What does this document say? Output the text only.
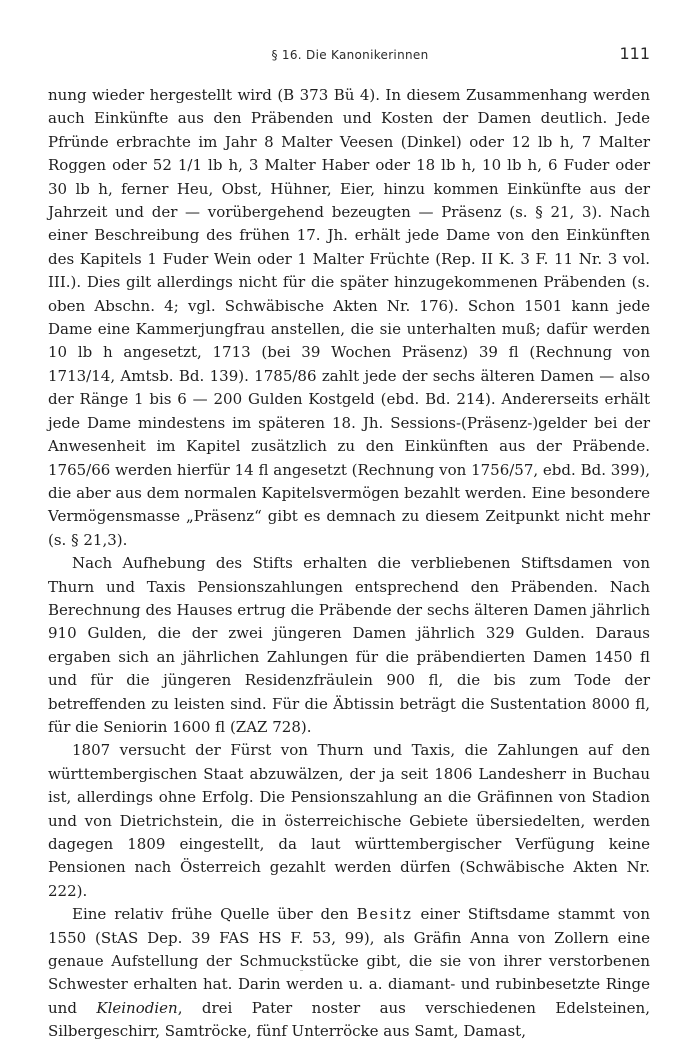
§ 16. Die Kanonikerinnen	111

nung wieder hergestellt wird (B 373 Bü 4). In diesem Zusammenhang werden auch Einkünfte aus den Präbenden und Kosten der Damen deutlich. Jede Pfründe erbrachte im Jahr 8 Malter Veesen (Dinkel) oder 12 lb h, 7 Malter Roggen oder 52 1/1 lb h, 3 Malter Haber oder 18 lb h, 10 lb h, 6 Fuder oder 30 lb h, ferner Heu, Obst, Hühner, Eier, hinzu kommen Einkünfte aus der Jahrzeit und der — vorübergehend bezeugten — Präsenz (s. § 21, 3). Nach einer Beschreibung des frühen 17. Jh. erhält jede Dame von den Einkünften des Kapitels 1 Fuder Wein oder 1 Malter Früchte (Rep. II K. 3 F. 11 Nr. 3 vol. III.). Dies gilt allerdings nicht für die später hinzugekommenen Präbenden (s. oben Abschn. 4; vgl. Schwäbische Akten Nr. 176). Schon 1501 kann jede Dame eine Kammerjungfrau anstellen, die sie unterhalten muß; dafür werden 10 lb h angesetzt, 1713 (bei 39 Wochen Präsenz) 39 fl (Rechnung von 1713/14, Amtsb. Bd. 139). 1785/86 zahlt jede der sechs älteren Damen — also der Ränge 1 bis 6 — 200 Gulden Kostgeld (ebd. Bd. 214). Andererseits erhält jede Dame mindestens im späteren 18. Jh. Sessions-(Präsenz-)gelder bei der Anwesenheit im Kapitel zusätzlich zu den Einkünften aus der Präbende. 1765/66 werden hierfür 14 fl angesetzt (Rechnung von 1756/57, ebd. Bd. 399), die aber aus dem normalen Kapitelsvermögen bezahlt werden. Eine besondere Vermögensmasse „Präsenz“ gibt es demnach zu diesem Zeitpunkt nicht mehr (s. § 21,3).

Nach Aufhebung des Stifts erhalten die verbliebenen Stiftsdamen von Thurn und Taxis Pensionszahlungen entsprechend den Präbenden. Nach Berechnung des Hauses ertrug die Präbende der sechs älteren Damen jährlich 910 Gulden, die der zwei jüngeren Damen jährlich 329 Gulden. Daraus ergaben sich an jährlichen Zahlungen für die präbendierten Damen 1450 fl und für die jüngeren Residenzfräulein 900 fl, die bis zum Tode der betreffenden zu leisten sind. Für die Äbtissin beträgt die Sustentation 8000 fl, für die Seniorin 1600 fl (ZAZ 728).

1807 versucht der Fürst von Thurn und Taxis, die Zahlungen auf den württembergischen Staat abzuwälzen, der ja seit 1806 Landesherr in Buchau ist, allerdings ohne Erfolg. Die Pensionszahlung an die Gräfinnen von Stadion und von Dietrichstein, die in österreichische Gebiete übersiedelten, werden dagegen 1809 eingestellt, da laut württembergischer Verfügung keine Pensionen nach Österreich gezahlt werden dürfen (Schwäbische Akten Nr. 222).

Eine relativ frühe Quelle über den Besitz einer Stiftsdame stammt von 1550 (StAS Dep. 39 FAS HS F. 53, 99), als Gräfin Anna von Zollern eine genaue Aufstellung der Schmuckstücke gibt, die sie von ihrer verstorbenen Schwester erhalten hat. Darin werden u. a. diamant- und rubinbesetzte Ringe und Kleinodien, drei Pater noster aus verschiedenen Edelsteinen, Silbergeschirr, Samtröcke, fünf Unterröcke aus Samt, Damast,
